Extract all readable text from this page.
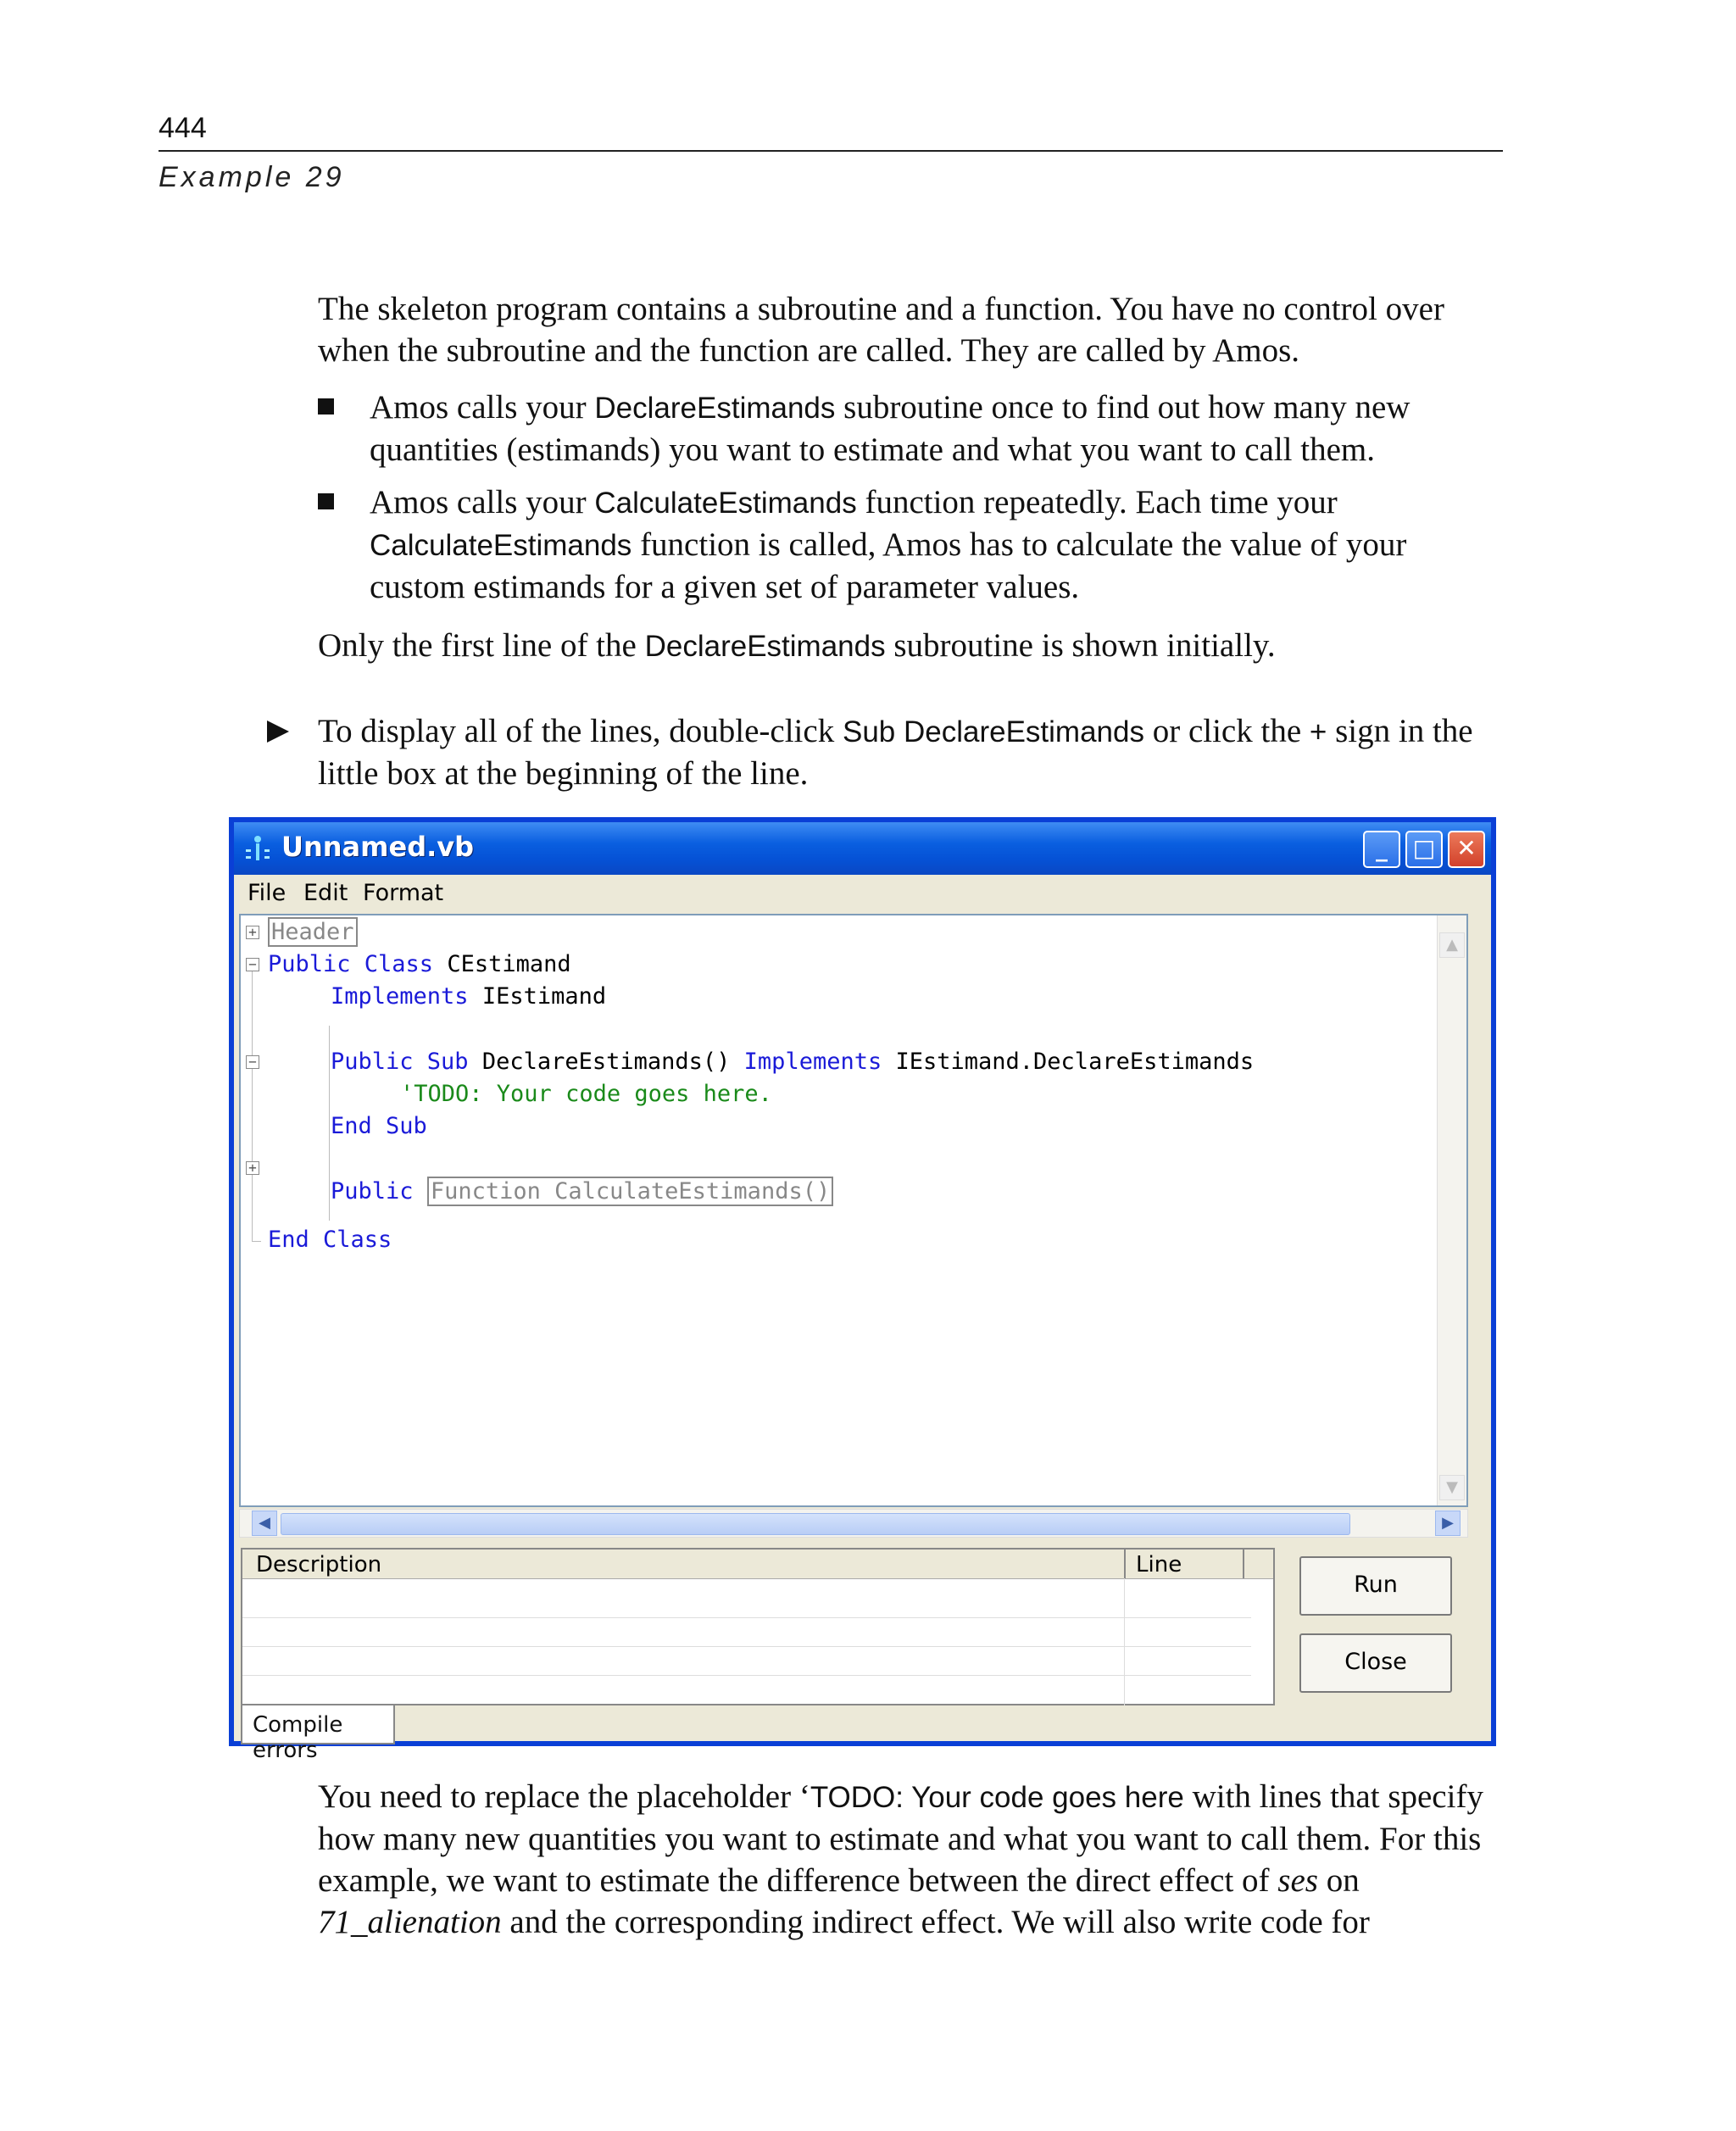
444
Example 29
The skeleton program contains a subroutine and a function. You have no control over when the subroutine and the function are called. They are called by Amos.
Amos calls your DeclareEstimands subroutine once to find out how many new quantities (estimands) you want to estimate and what you want to call them.
Amos calls your CalculateEstimands function repeatedly. Each time your CalculateEstimands function is called, Amos has to calculate the value of your custom estimands for a given set of parameter values.
Only the first line of the DeclareEstimands subroutine is shown initially.
To display all of the lines, double-click Sub DeclareEstimands or click the + sign in the little box at the beginning of the line.
Unnamed.vb	_	□ ✕
File Edit Format
+
−
−
+
Header
Public Class CEstimand
Implements IEstimand
Public Sub DeclareEstimands() Implements IEstimand.DeclareEstimands
'TODO: Your code goes here.
End Sub
Public Function CalculateEstimands()
End Class
▲
▼
◀	▶
Description	Line
Compile errors
Run
Close
You need to replace the placeholder ‘TODO: Your code goes here with lines that specify how many new quantities you want to estimate and what you want to call them. For this example, we want to estimate the difference between the direct effect of ses on 71_alienation and the corresponding indirect effect. We will also write code for
